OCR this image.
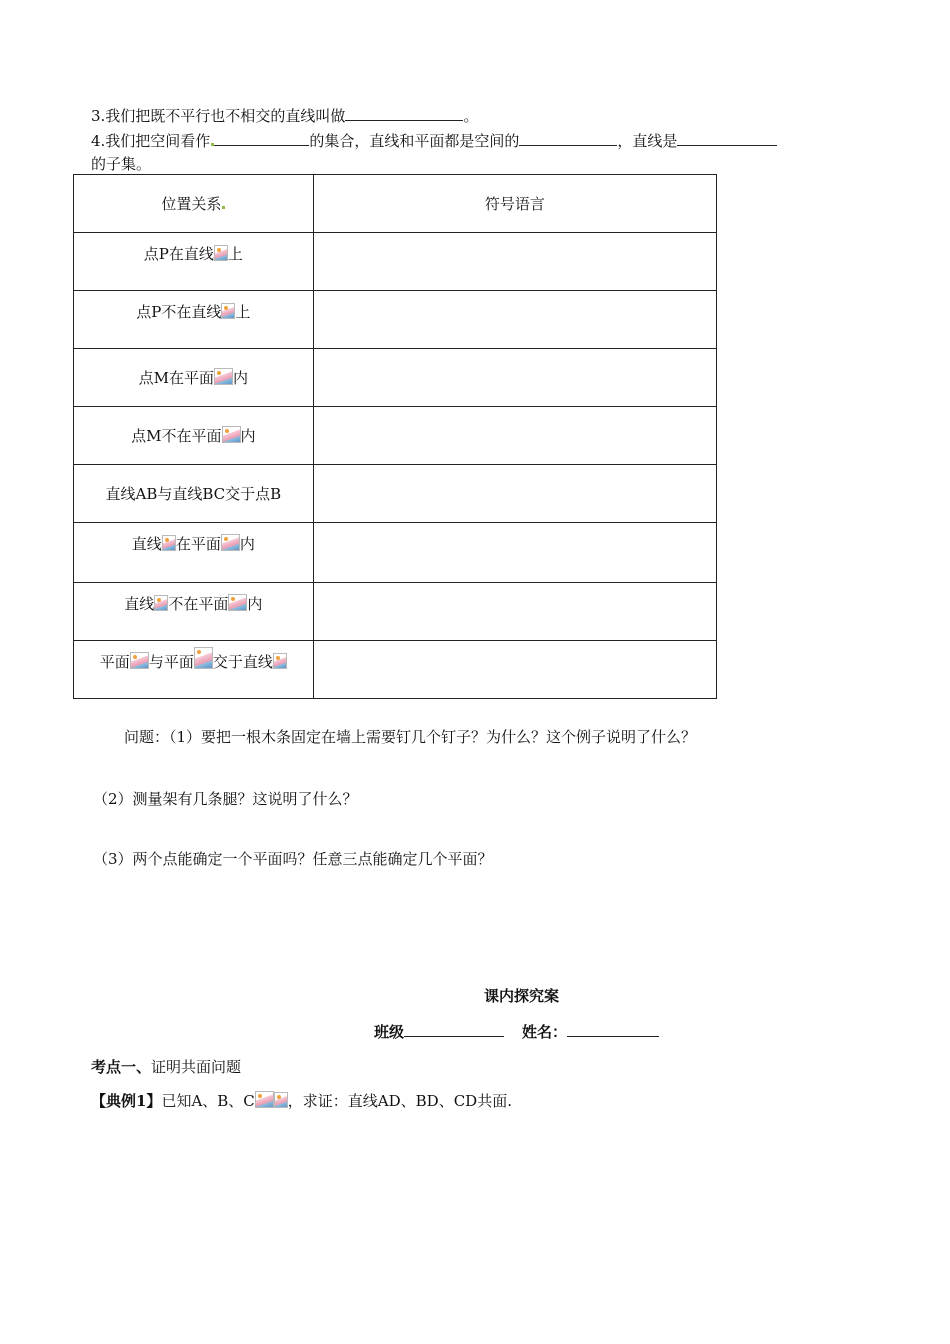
3.我们把既不平行也不相交的直线叫做	。
4.我们把空间看作	的集合，直线和平面都是空间的	，直线是
的子集。
位置关系	符号语言
点P在直线 上	
点P不在直线 上	
点M在平面 内	
点M不在平面 内	
直线AB与直线BC交于点B	
直线 在平面 内	
直线 不在平面 内	
平面 与平面 交于直线	
问题：（1）要把一根木条固定在墙上需要钉几个钉子？为什么？这个例子说明了什么？
（2）测量架有几条腿？这说明了什么？
（3）两个点能确定一个平面吗？任意三点能确定几个平面？
课内探究案
班级	姓名：
考点一、证明共面问题
【典例1】已知A、B、C ，求证：直线AD、BD、CD共面.
